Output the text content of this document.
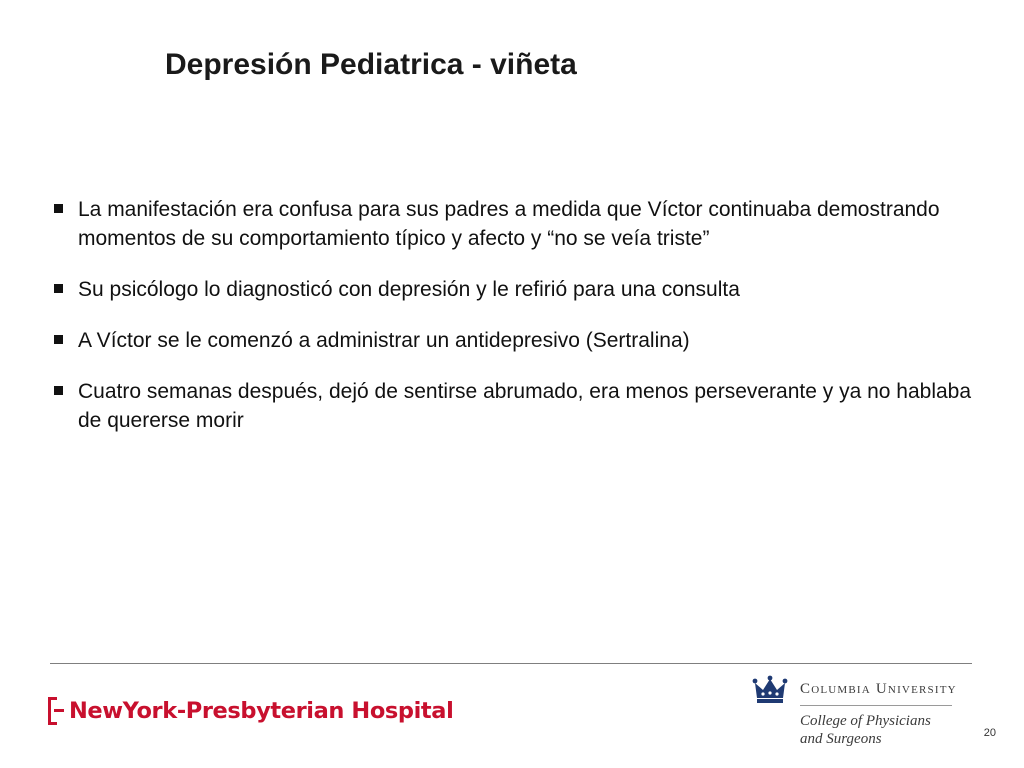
Depresión Pediatrica - viñeta
La manifestación era confusa para sus padres a medida que Víctor continuaba demostrando momentos de su comportamiento típico y afecto y “no se veía triste”
Su psicólogo lo diagnosticó con depresión y le refirió para una consulta
A Víctor se le comenzó a administrar un antidepresivo (Sertralina)
Cuatro semanas después, dejó de sentirse abrumado, era menos perseverante y ya no hablaba de quererse morir
NewYork-Presbyterian Hospital
Columbia University
College of Physicians
and Surgeons	20
